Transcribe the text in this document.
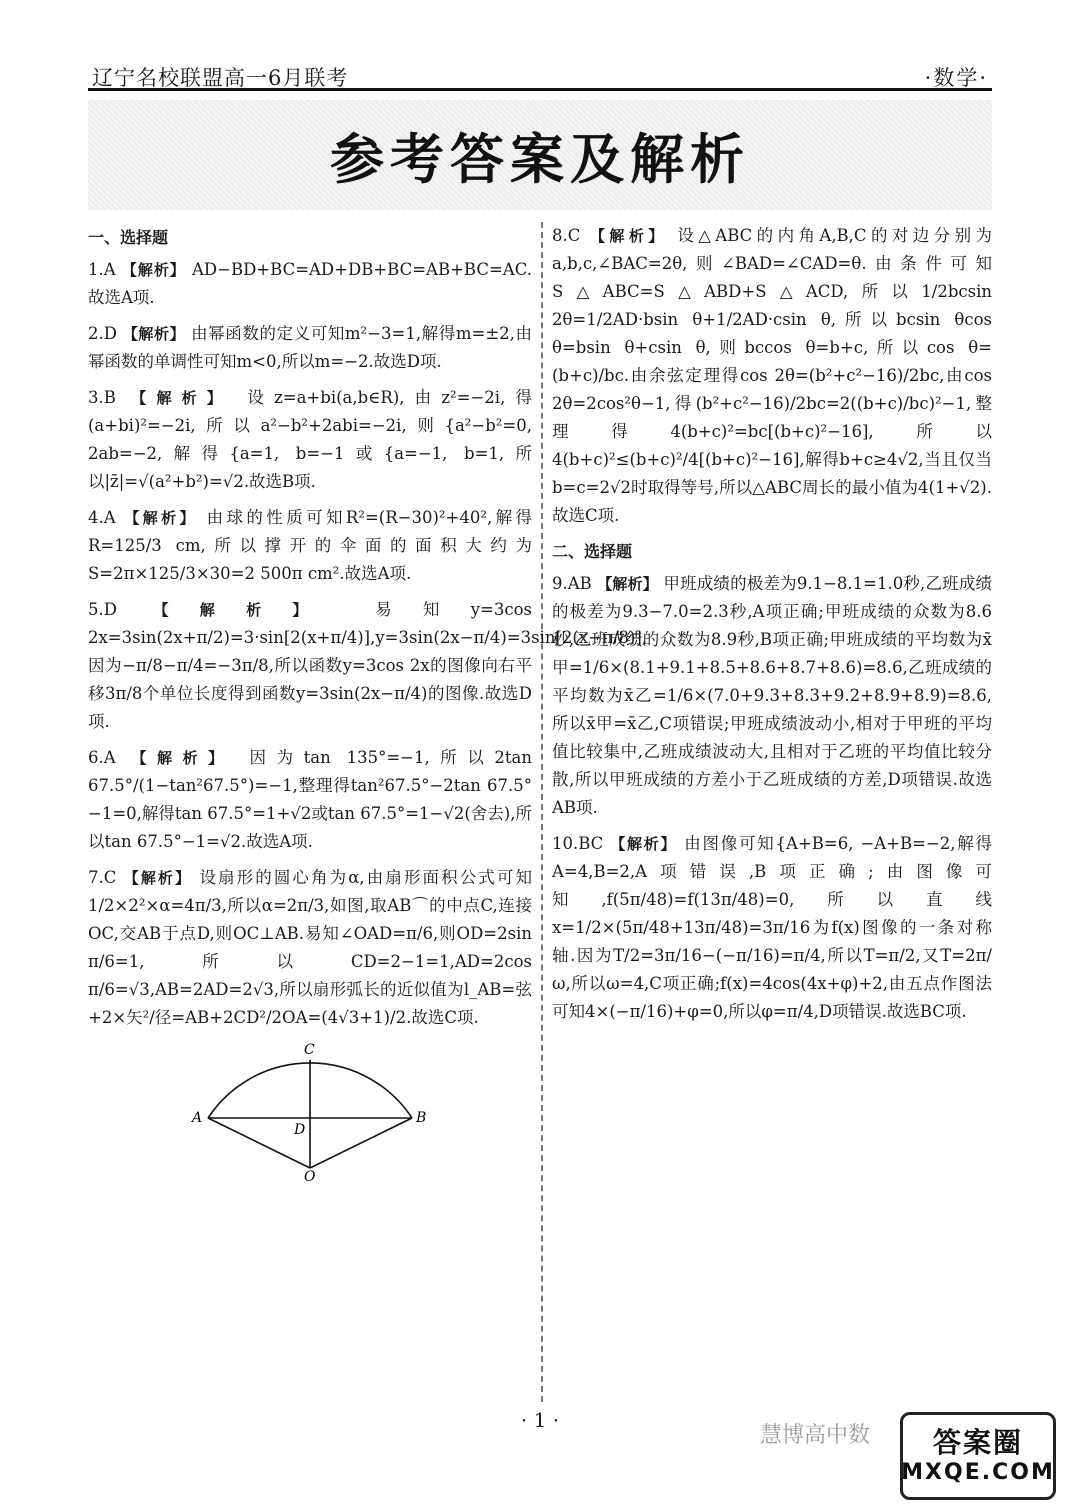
辽宁名校联盟高一6月联考	·数学·
参考答案及解析
一、选择题
1.A 【解析】 AD−BD+BC=AD+DB+BC=AB+BC=AC.故选A项.
2.D 【解析】 由幂函数的定义可知m²−3=1,解得m=±2,由幂函数的单调性可知m<0,所以m=−2.故选D项.
3.B 【解析】 设z=a+bi(a,b∈R),由z²=−2i,得(a+bi)²=−2i,所以a²−b²+2abi=−2i,则{a²−b²=0, 2ab=−2,解得{a=1, b=−1或{a=−1, b=1,所以|z̄|=√(a²+b²)=√2.故选B项.
4.A 【解析】 由球的性质可知R²=(R−30)²+40²,解得R=125/3 cm,所以撑开的伞面的面积大约为S=2π×125/3×30=2 500π cm².故选A项.
5.D 【解析】 易知y=3cos 2x=3sin(2x+π/2)=3·sin[2(x+π/4)],y=3sin(2x−π/4)=3sin[2(x−π/8)],因为−π/8−π/4=−3π/8,所以函数y=3cos 2x的图像向右平移3π/8个单位长度得到函数y=3sin(2x−π/4)的图像.故选D项.
6.A 【解析】 因为tan 135°=−1,所以2tan 67.5°/(1−tan²67.5°)=−1,整理得tan²67.5°−2tan 67.5°−1=0,解得tan 67.5°=1+√2或tan 67.5°=1−√2(舍去),所以tan 67.5°−1=√2.故选A项.
7.C 【解析】 设扇形的圆心角为α,由扇形面积公式可知1/2×2²×α=4π/3,所以α=2π/3,如图,取AB⌒的中点C,连接OC,交AB于点D,则OC⊥AB.易知∠OAD=π/6,则OD=2sin π/6=1,所以CD=2−1=1,AD=2cos π/6=√3,AB=2AD=2√3,所以扇形弧长的近似值为l_AB=弦+2×矢²/径=AB+2CD²/2OA=(4√3+1)/2.故选C项.
C
A
D
B
O
8.C 【解析】 设△ABC的内角A,B,C的对边分别为a,b,c,∠BAC=2θ,则∠BAD=∠CAD=θ.由条件可知S△ABC=S△ABD+S△ACD,所以1/2bcsin 2θ=1/2AD·bsin θ+1/2AD·csin θ,所以bcsin θcos θ=bsin θ+csin θ,则bccos θ=b+c,所以cos θ=(b+c)/bc.由余弦定理得cos 2θ=(b²+c²−16)/2bc,由cos 2θ=2cos²θ−1,得(b²+c²−16)/2bc=2((b+c)/bc)²−1,整理得4(b+c)²=bc[(b+c)²−16],所以4(b+c)²≤(b+c)²/4[(b+c)²−16],解得b+c≥4√2,当且仅当b=c=2√2时取得等号,所以△ABC周长的最小值为4(1+√2).故选C项.
二、选择题
9.AB 【解析】 甲班成绩的极差为9.1−8.1=1.0秒,乙班成绩的极差为9.3−7.0=2.3秒,A项正确;甲班成绩的众数为8.6秒,乙班成绩的众数为8.9秒,B项正确;甲班成绩的平均数为x̄甲=1/6×(8.1+9.1+8.5+8.6+8.7+8.6)=8.6,乙班成绩的平均数为x̄乙=1/6×(7.0+9.3+8.3+9.2+8.9+8.9)=8.6,所以x̄甲=x̄乙,C项错误;甲班成绩波动小,相对于甲班的平均值比较集中,乙班成绩波动大,且相对于乙班的平均值比较分散,所以甲班成绩的方差小于乙班成绩的方差,D项错误.故选AB项.
10.BC 【解析】 由图像可知{A+B=6, −A+B=−2,解得A=4,B=2,A项错误,B项正确;由图像可知,f(5π/48)=f(13π/48)=0,所以直线x=1/2×(5π/48+13π/48)=3π/16为f(x)图像的一条对称轴.因为T/2=3π/16−(−π/16)=π/4,所以T=π/2,又T=2π/ω,所以ω=4,C项正确;f(x)=4cos(4x+φ)+2,由五点作图法可知4×(−π/16)+φ=0,所以φ=π/4,D项错误.故选BC项.
· 1 ·
慧博高中数 答案圈
MXQE.COM
